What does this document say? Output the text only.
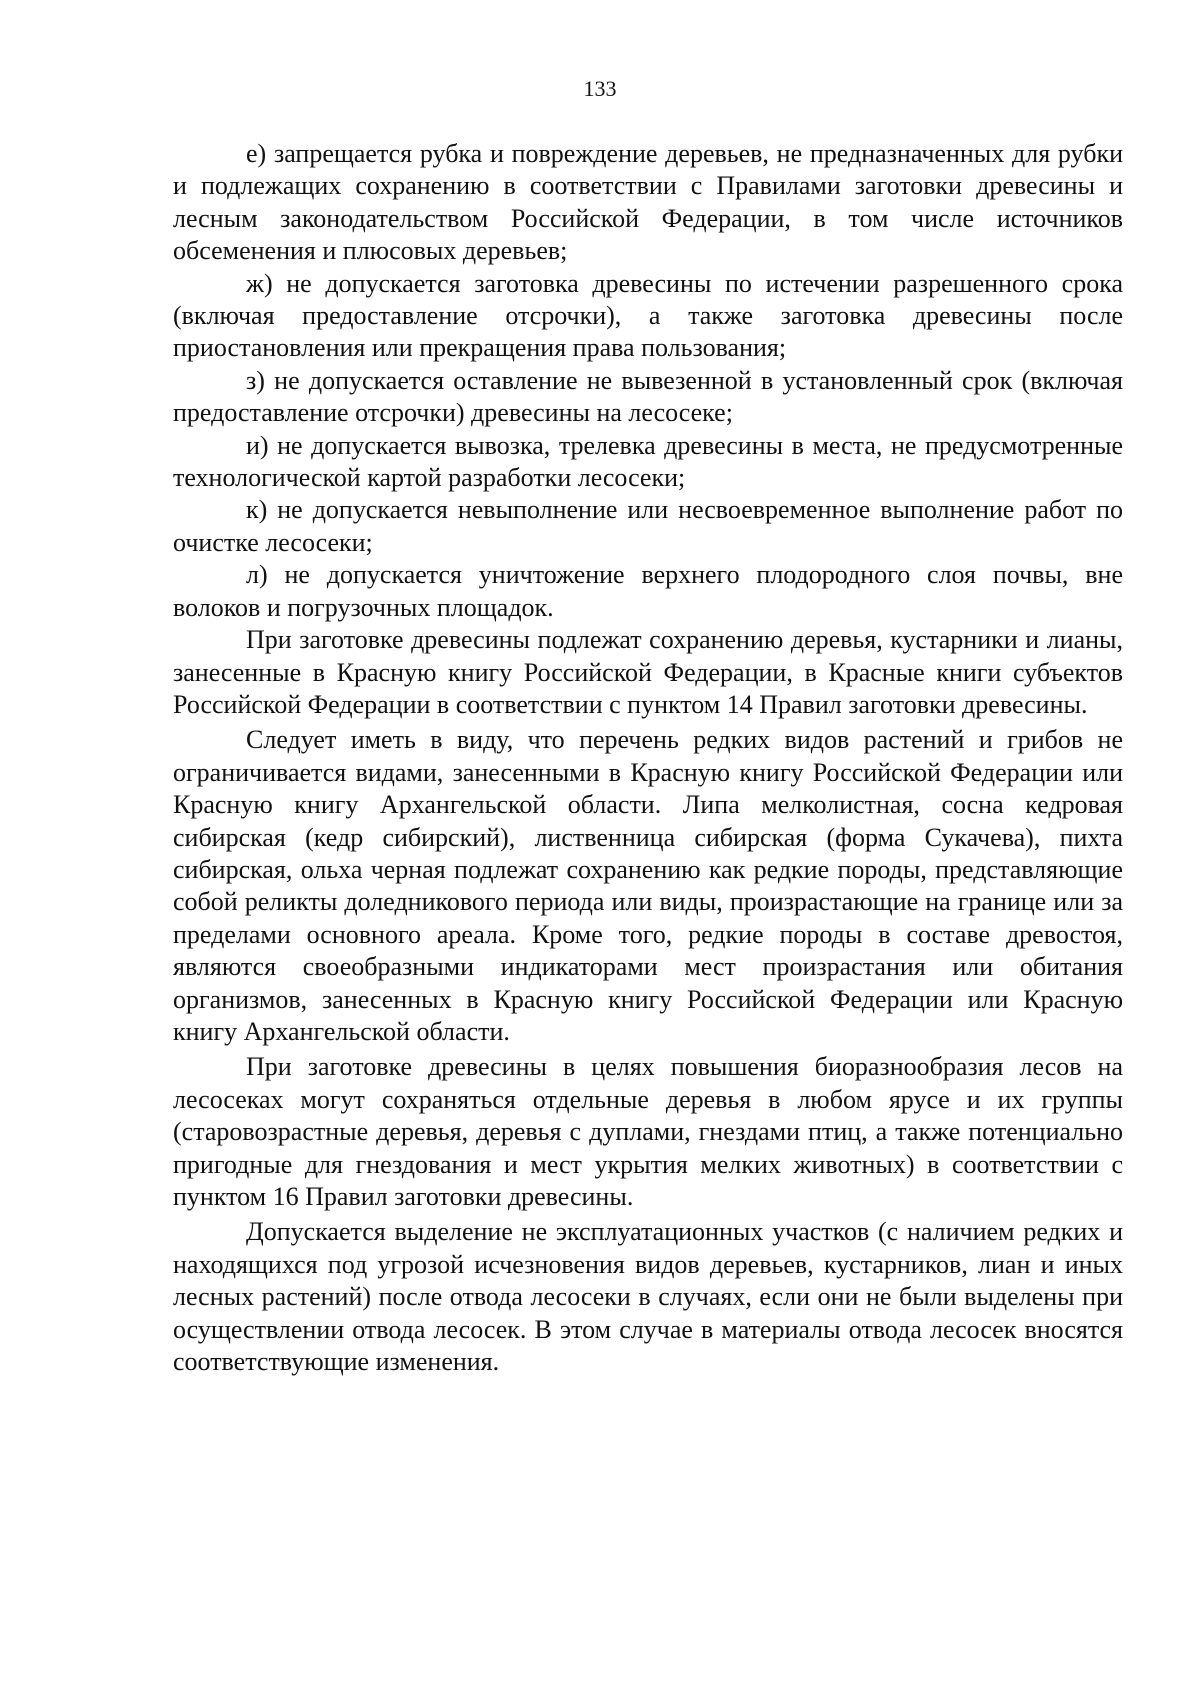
133

е) запрещается рубка и повреждение деревьев, не предназначенных для рубки и подлежащих сохранению в соответствии с Правилами заготовки древесины и лесным законодательством Российской Федерации, в том числе источников обсеменения и плюсовых деревьев;

ж) не допускается заготовка древесины по истечении разрешенного срока (включая предоставление отсрочки), а также заготовка древесины после приостановления или прекращения права пользования;

з) не допускается оставление не вывезенной в установленный срок (включая предоставление отсрочки) древесины на лесосеке;

и) не допускается вывозка, трелевка древесины в места, не предусмотренные технологической картой разработки лесосеки;

к) не допускается невыполнение или несвоевременное выполнение работ по очистке лесосеки;

л) не допускается уничтожение верхнего плодородного слоя почвы, вне волоков и погрузочных площадок.

При заготовке древесины подлежат сохранению деревья, кустарники и лианы, занесенные в Красную книгу Российской Федерации, в Красные книги субъектов Российской Федерации в соответствии с пунктом 14 Правил заготовки древесины.

Следует иметь в виду, что перечень редких видов растений и грибов не ограничивается видами, занесенными в Красную книгу Российской Федерации или Красную книгу Архангельской области. Липа мелколистная, сосна кедровая сибирская (кедр сибирский), лиственница сибирская (форма Сукачева), пихта сибирская, ольха черная подлежат сохранению как редкие породы, представляющие собой реликты доледникового периода или виды, произрастающие на границе или за пределами основного ареала. Кроме того, редкие породы в составе древостоя, являются своеобразными индикаторами мест произрастания или обитания организмов, занесенных в Красную книгу Российской Федерации или Красную книгу Архангельской области.

При заготовке древесины в целях повышения биоразнообразия лесов на лесосеках могут сохраняться отдельные деревья в любом ярусе и их группы (старовозрастные деревья, деревья с дуплами, гнездами птиц, а также потенциально пригодные для гнездования и мест укрытия мелких животных) в соответствии с пунктом 16 Правил заготовки древесины.

Допускается выделение не эксплуатационных участков (с наличием редких и находящихся под угрозой исчезновения видов деревьев, кустарников, лиан и иных лесных растений) после отвода лесосеки в случаях, если они не были выделены при осуществлении отвода лесосек. В этом случае в материалы отвода лесосек вносятся соответствующие изменения.
